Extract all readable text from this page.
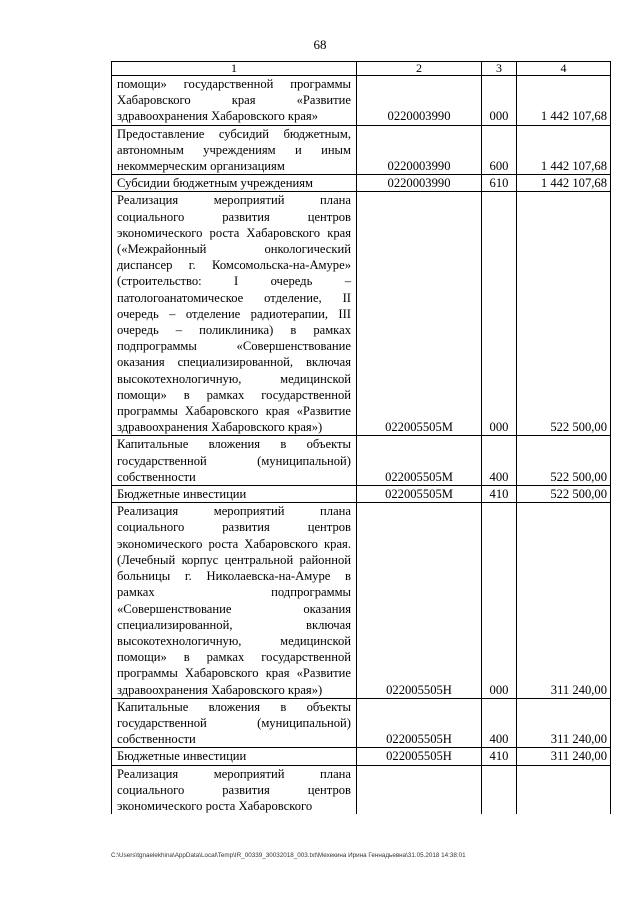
68
1	2	3	4
помощи» государственной программы Хабаровского края «Развитие здравоохранения Хабаровского края»	0220003990	000	1 442 107,68
Предоставление субсидий бюджетным, автономным учреждениям и иным некоммерческим организациям	0220003990	600	1 442 107,68
Субсидии бюджетным учреждениям	0220003990	610	1 442 107,68
Реализация мероприятий плана социального развития центров экономического роста Хабаровского края («Межрайонный онкологический диспансер г. Комсомольска-на-Амуре» (строительство: I очередь – патологоанатомическое отделение, II очередь – отделение радиотерапии, III очередь – поликлиника) в рамках подпрограммы «Совершенствование оказания специализированной, включая высокотехнологичную, медицинской помощи» в рамках государственной программы Хабаровского края «Развитие здравоохранения Хабаровского края»)	022005505М	000	522 500,00
Капитальные вложения в объекты государственной (муниципальной) собственности	022005505М	400	522 500,00
Бюджетные инвестиции	022005505М	410	522 500,00
Реализация мероприятий плана социального развития центров экономического роста Хабаровского края. (Лечебный корпус центральной районной больницы г. Николаевска-на-Амуре в рамках подпрограммы «Совершенствование оказания специализированной, включая высокотехнологичную, медицинской помощи» в рамках государственной программы Хабаровского края «Развитие здравоохранения Хабаровского края»)	022005505Н	000	311 240,00
Капитальные вложения в объекты государственной (муниципальной) собственности	022005505Н	400	311 240,00
Бюджетные инвестиции	022005505Н	410	311 240,00
Реализация мероприятий плана социального развития центров экономического роста Хабаровского			
C:\Users\tgnaelekhina\AppData\Local\Temp\IR_00339_30032018_003.txt\Мехекина Ирина Геннадьевна\31.05.2018 14:38:01
